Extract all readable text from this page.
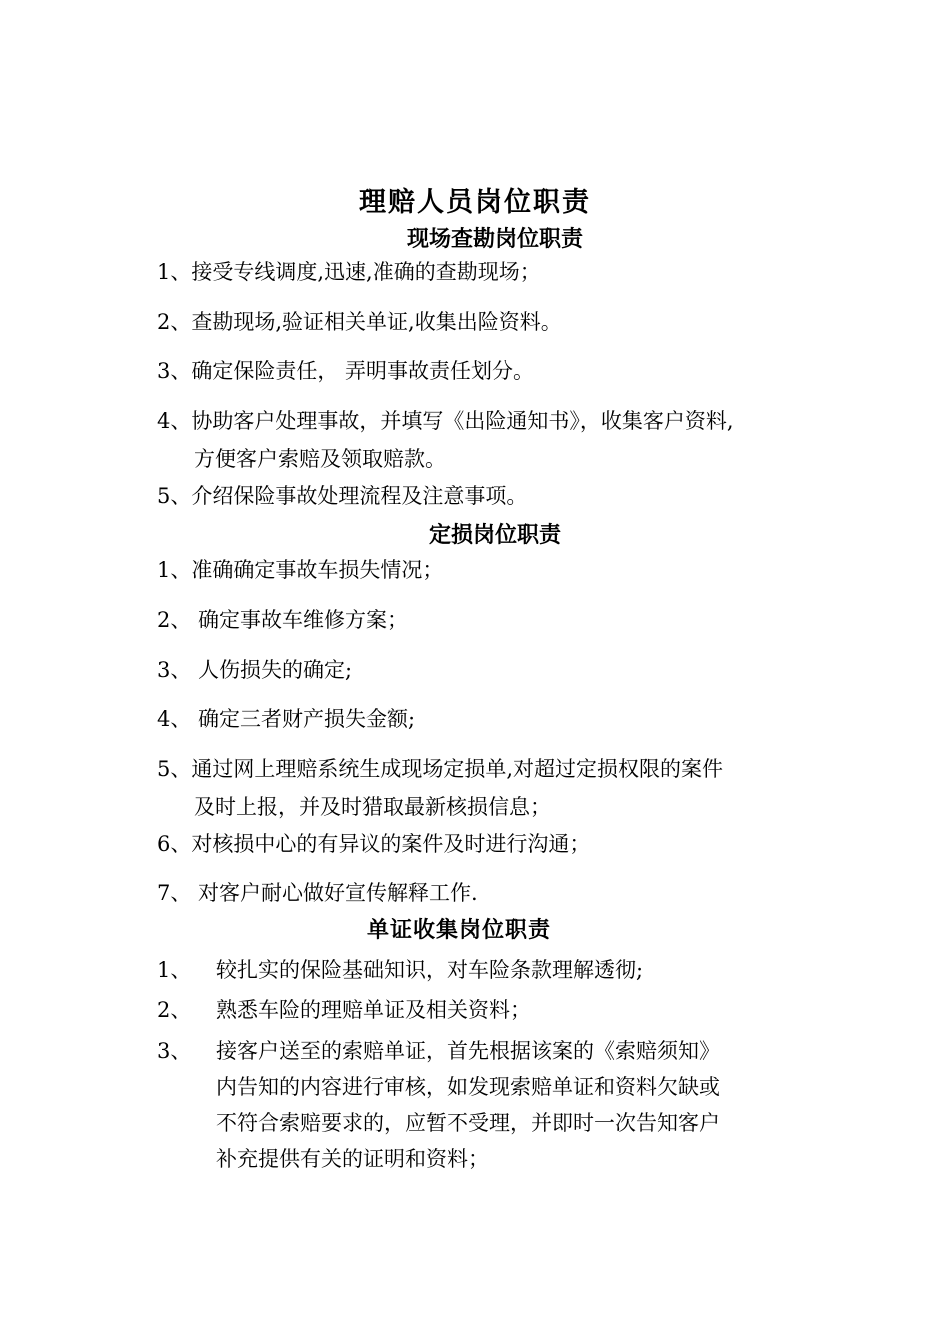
理赔人员岗位职责
现场查勘岗位职责
1、接受专线调度,迅速,准确的查勘现场；
2、查勘现场,验证相关单证,收集出险资料。
3、确定保险责任， 弄明事故责任划分。
4、协助客户处理事故，并填写《出险通知书》，收集客户资料,
方便客户索赔及领取赔款。
5、介绍保险事故处理流程及注意事项。
定损岗位职责
1、准确确定事故车损失情况；
2、 确定事故车维修方案；
3、 人伤损失的确定;
4、 确定三者财产损失金额;
5、通过网上理赔系统生成现场定损单,对超过定损权限的案件
及时上报，并及时猎取最新核损信息；
6、对核损中心的有异议的案件及时进行沟通；
7、 对客户耐心做好宣传解释工作.
单证收集岗位职责
1、 较扎实的保险基础知识，对车险条款理解透彻;
2、 熟悉车险的理赔单证及相关资料；
3、 接客户送至的索赔单证，首先根据该案的《索赔须知》
内告知的内容进行审核，如发现索赔单证和资料欠缺或
不符合索赔要求的，应暂不受理，并即时一次告知客户
补充提供有关的证明和资料；
